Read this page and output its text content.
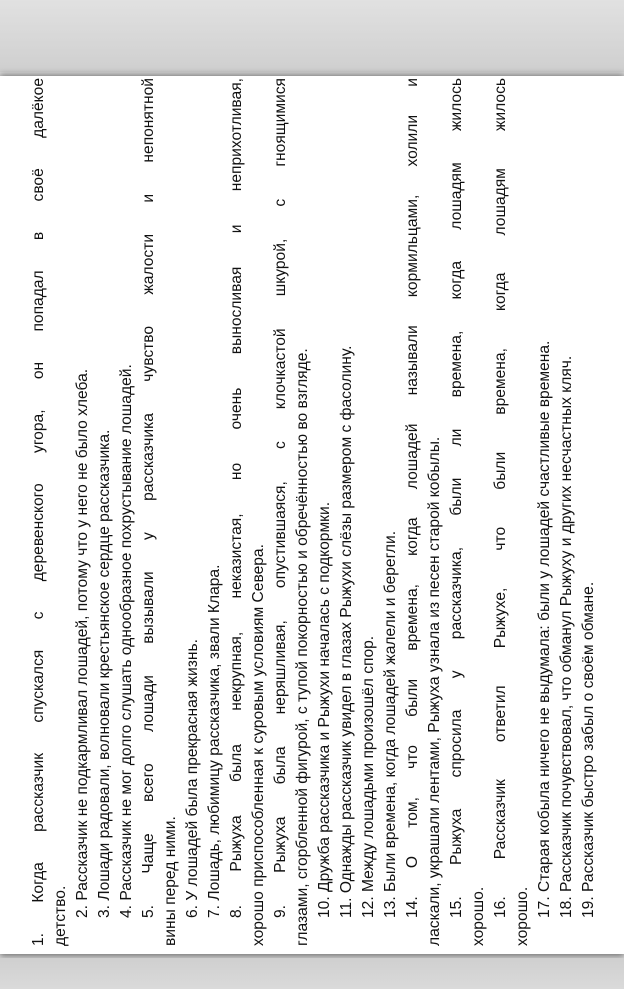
1. Когда рассказчик спускался с деревенского угора, он попадал в своё далёкое детство. 2. Рассказчик не подкармливал лошадей, потому что у него не было хлеба. 3. Лошади радовали, волновали крестьянское сердце рассказчика. 4. Рассказчик не мог долго слушать однообразное похрустывание лошадей. 5. Чаще всего лошади вызывали у рассказчика чувство жалости и непонятной вины перед ними. 6. У лошадей была прекрасная жизнь. 7. Лошадь, любимицу рассказчика, звали Клара. 8. Рыжуха была некрупная, неказистая, но очень выносливая и неприхотливая, хорошо приспособленная к суровым условиям Севера. 9. Рыжуха была неряшливая, опустившаяся, с клочкастой шкурой, с гноящимися глазами, сгорбленной фигурой, с тупой покорностью и обречённостью во взгляде. 10. Дружба рассказчика и Рыжухи началась с подкормки. 11. Однажды рассказчик увидел в глазах Рыжухи слёзы размером с фасолину. 12. Между лошадьми произошёл спор. 13. Были времена, когда лошадей жалели и берегли. 14. О том, что были времена, когда лошадей называли кормильцами, холили и ласкали, украшали лентами, Рыжуха узнала из песен старой кобылы. 15. Рыжуха спросила у рассказчика, были ли времена, когда лошадям жилось хорошо. 16. Рассказчик ответил Рыжухе, что были времена, когда лошадям жилось хорошо. 17. Старая кобыла ничего не выдумала: были у лошадей счастливые времена. 18. Рассказчик почувствовал, что обманул Рыжуху и других несчастных кляч. 19. Рассказчик быстро забыл о своём обмане.
